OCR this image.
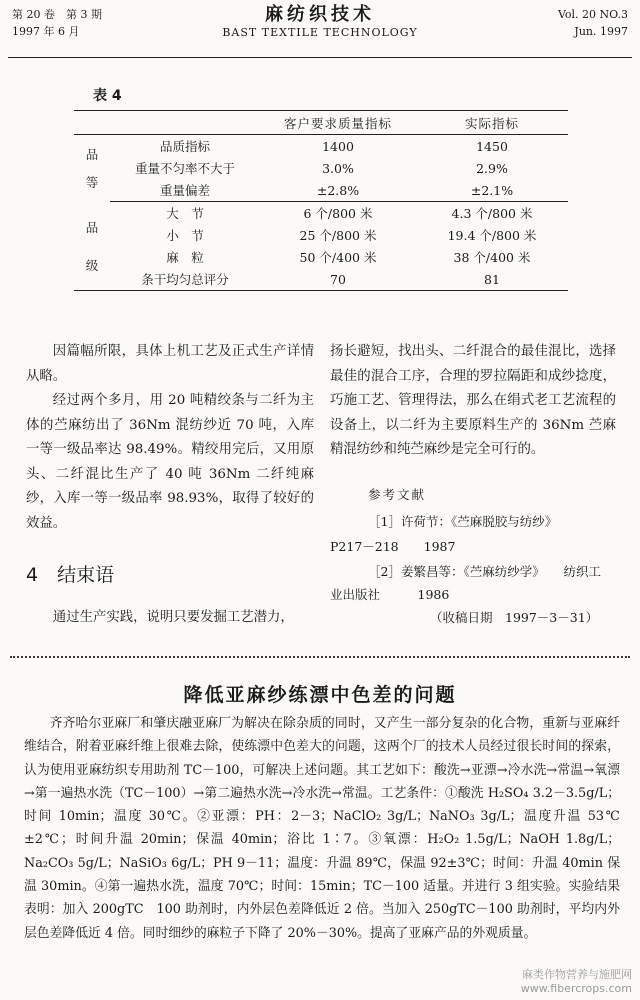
第 20 卷　第 3 期
1997 年 6 月
麻纺织技术
BAST TEXTILE TECHNOLOGY
Vol. 20 NO.3
Jun. 1997
表 4
		客户要求质量指标	实际指标

品
等	品质指标	1400	1450
	重量不匀率不大于	3.0%	2.9%
	重量偏差	±2.8%	±2.1%

品
级	大　节	6 个/800 米	4.3 个/800 米
	小　节	25 个/800 米	19.4 个/800 米
	麻　粒	50 个/400 米	38 个/400 米
	条干均匀总评分	70	81
因篇幅所限，具体上机工艺及正式生产详情从略。
经过两个多月，用 20 吨精绞条与二纤为主体的苎麻纺出了 36Nm 混纺纱近 70 吨，入库一等一级品率达 98.49%。精绞用完后，又用原头、二纤混比生产了 40 吨 36Nm 二纤纯麻纱，入库一等一级品率 98.93%，取得了较好的效益。
4　结束语
通过生产实践，说明只要发掘工艺潜力，
扬长避短，找出头、二纤混合的最佳混比，选择最佳的混合工序，合理的罗拉隔距和成纱捻度，巧施工艺、管理得法，那么在绢式老工艺流程的设备上，以二纤为主要原料生产的 36Nm 苎麻精混纺纱和纯苎麻纱是完全可行的。
参考文献
［1］许荷节：《苎麻脱胶与纺纱》
P217－218　　1987
［2］姜繁昌等：《苎麻纺纱学》　　纺织工
业出版社　　　1986
（收稿日期　1997－3－31）
降低亚麻纱练漂中色差的问题
齐齐哈尔亚麻厂和肇庆融亚麻厂为解决在除杂质的同时，又产生一部分复杂的化合物，重新与亚麻纤维结合，附着亚麻纤维上很难去除，使练漂中色差大的问题，这两个厂的技术人员经过很长时间的探索，认为使用亚麻纺织专用助剂 TC－100，可解决上述问题。其工艺如下：酸洗→亚漂→冷水洗→常温→氧漂→第一遍热水洗（TC－100）→第二遍热水洗→冷水洗→常温。工艺条件：①酸洗 H₂SO₄ 3.2－3.5g/L；时间 10min；温度 30℃。②亚漂：PH：2－3；NaClO₂ 3g/L；NaNO₃ 3g/L；温度升温 53℃±2℃；时间升温 20min；保温 40min；浴比 1∶7。③氧漂：H₂O₂ 1.5g/L；NaOH 1.8g/L；Na₂CO₃ 5g/L；NaSiO₃ 6g/L；PH 9－11；温度：升温 89℃，保温 92±3℃；时间：升温 40min 保温 30min。④第一遍热水洗，温度 70℃；时间：15min；TC－100 适量。并进行 3 组实验。实验结果表明：加入 200gTC　100 助剂时，内外层色差降低近 2 倍。当加入 250gTC－100 助剂时，平均内外层色差降低近 4 倍。同时细纱的麻粒子下降了 20%－30%。提高了亚麻产品的外观质量。
麻类作物营养与施肥网
www.fibercrops.com
